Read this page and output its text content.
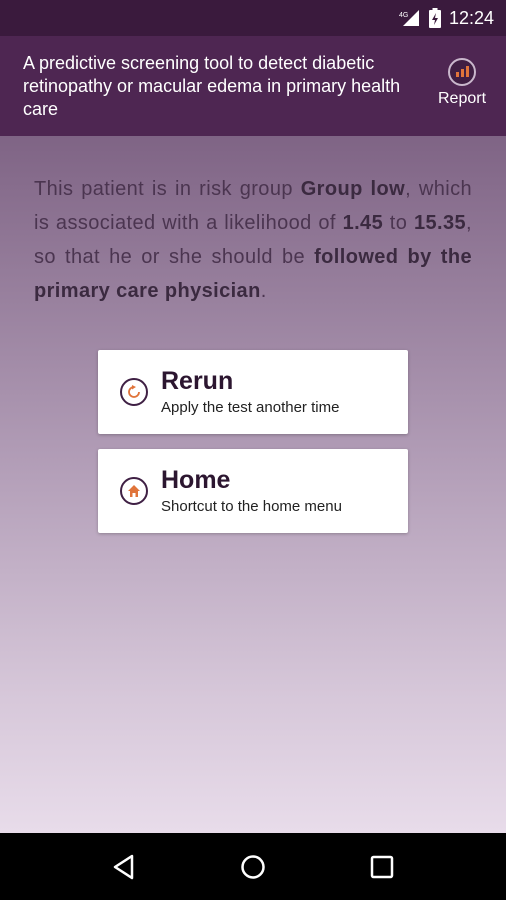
4G 12:24
A predictive screening tool to detect diabetic retinopathy or macular edema in primary health care	Report

This patient is in risk group Group low, which is associated with a likelihood of 1.45 to 15.35, so that he or she should be followed by the primary care physician.

Rerun
Apply the test another time
Home
Shortcut to the home menu
